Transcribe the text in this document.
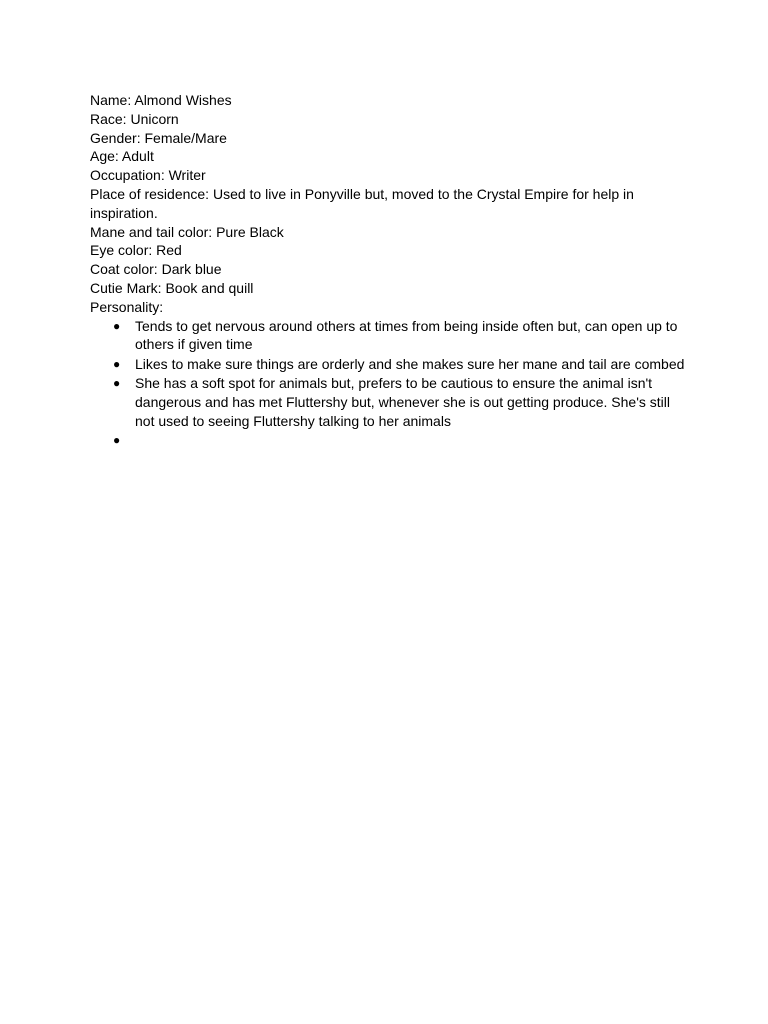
Name: Almond Wishes

Race: Unicorn

Gender: Female/Mare

Age: Adult

Occupation: Writer

Place of residence: Used to live in Ponyville but, moved to the Crystal Empire for help in inspiration.

Mane and tail color: Pure Black

Eye color: Red

Coat color: Dark blue

Cutie Mark: Book and quill

Personality:

● Tends to get nervous around others at times from being inside often but, can open up to others if given time
● Likes to make sure things are orderly and she makes sure her mane and tail are combed
● She has a soft spot for animals but, prefers to be cautious to ensure the animal isn't dangerous and has met Fluttershy but, whenever she is out getting produce. She's still not used to seeing Fluttershy talking to her animals
●
